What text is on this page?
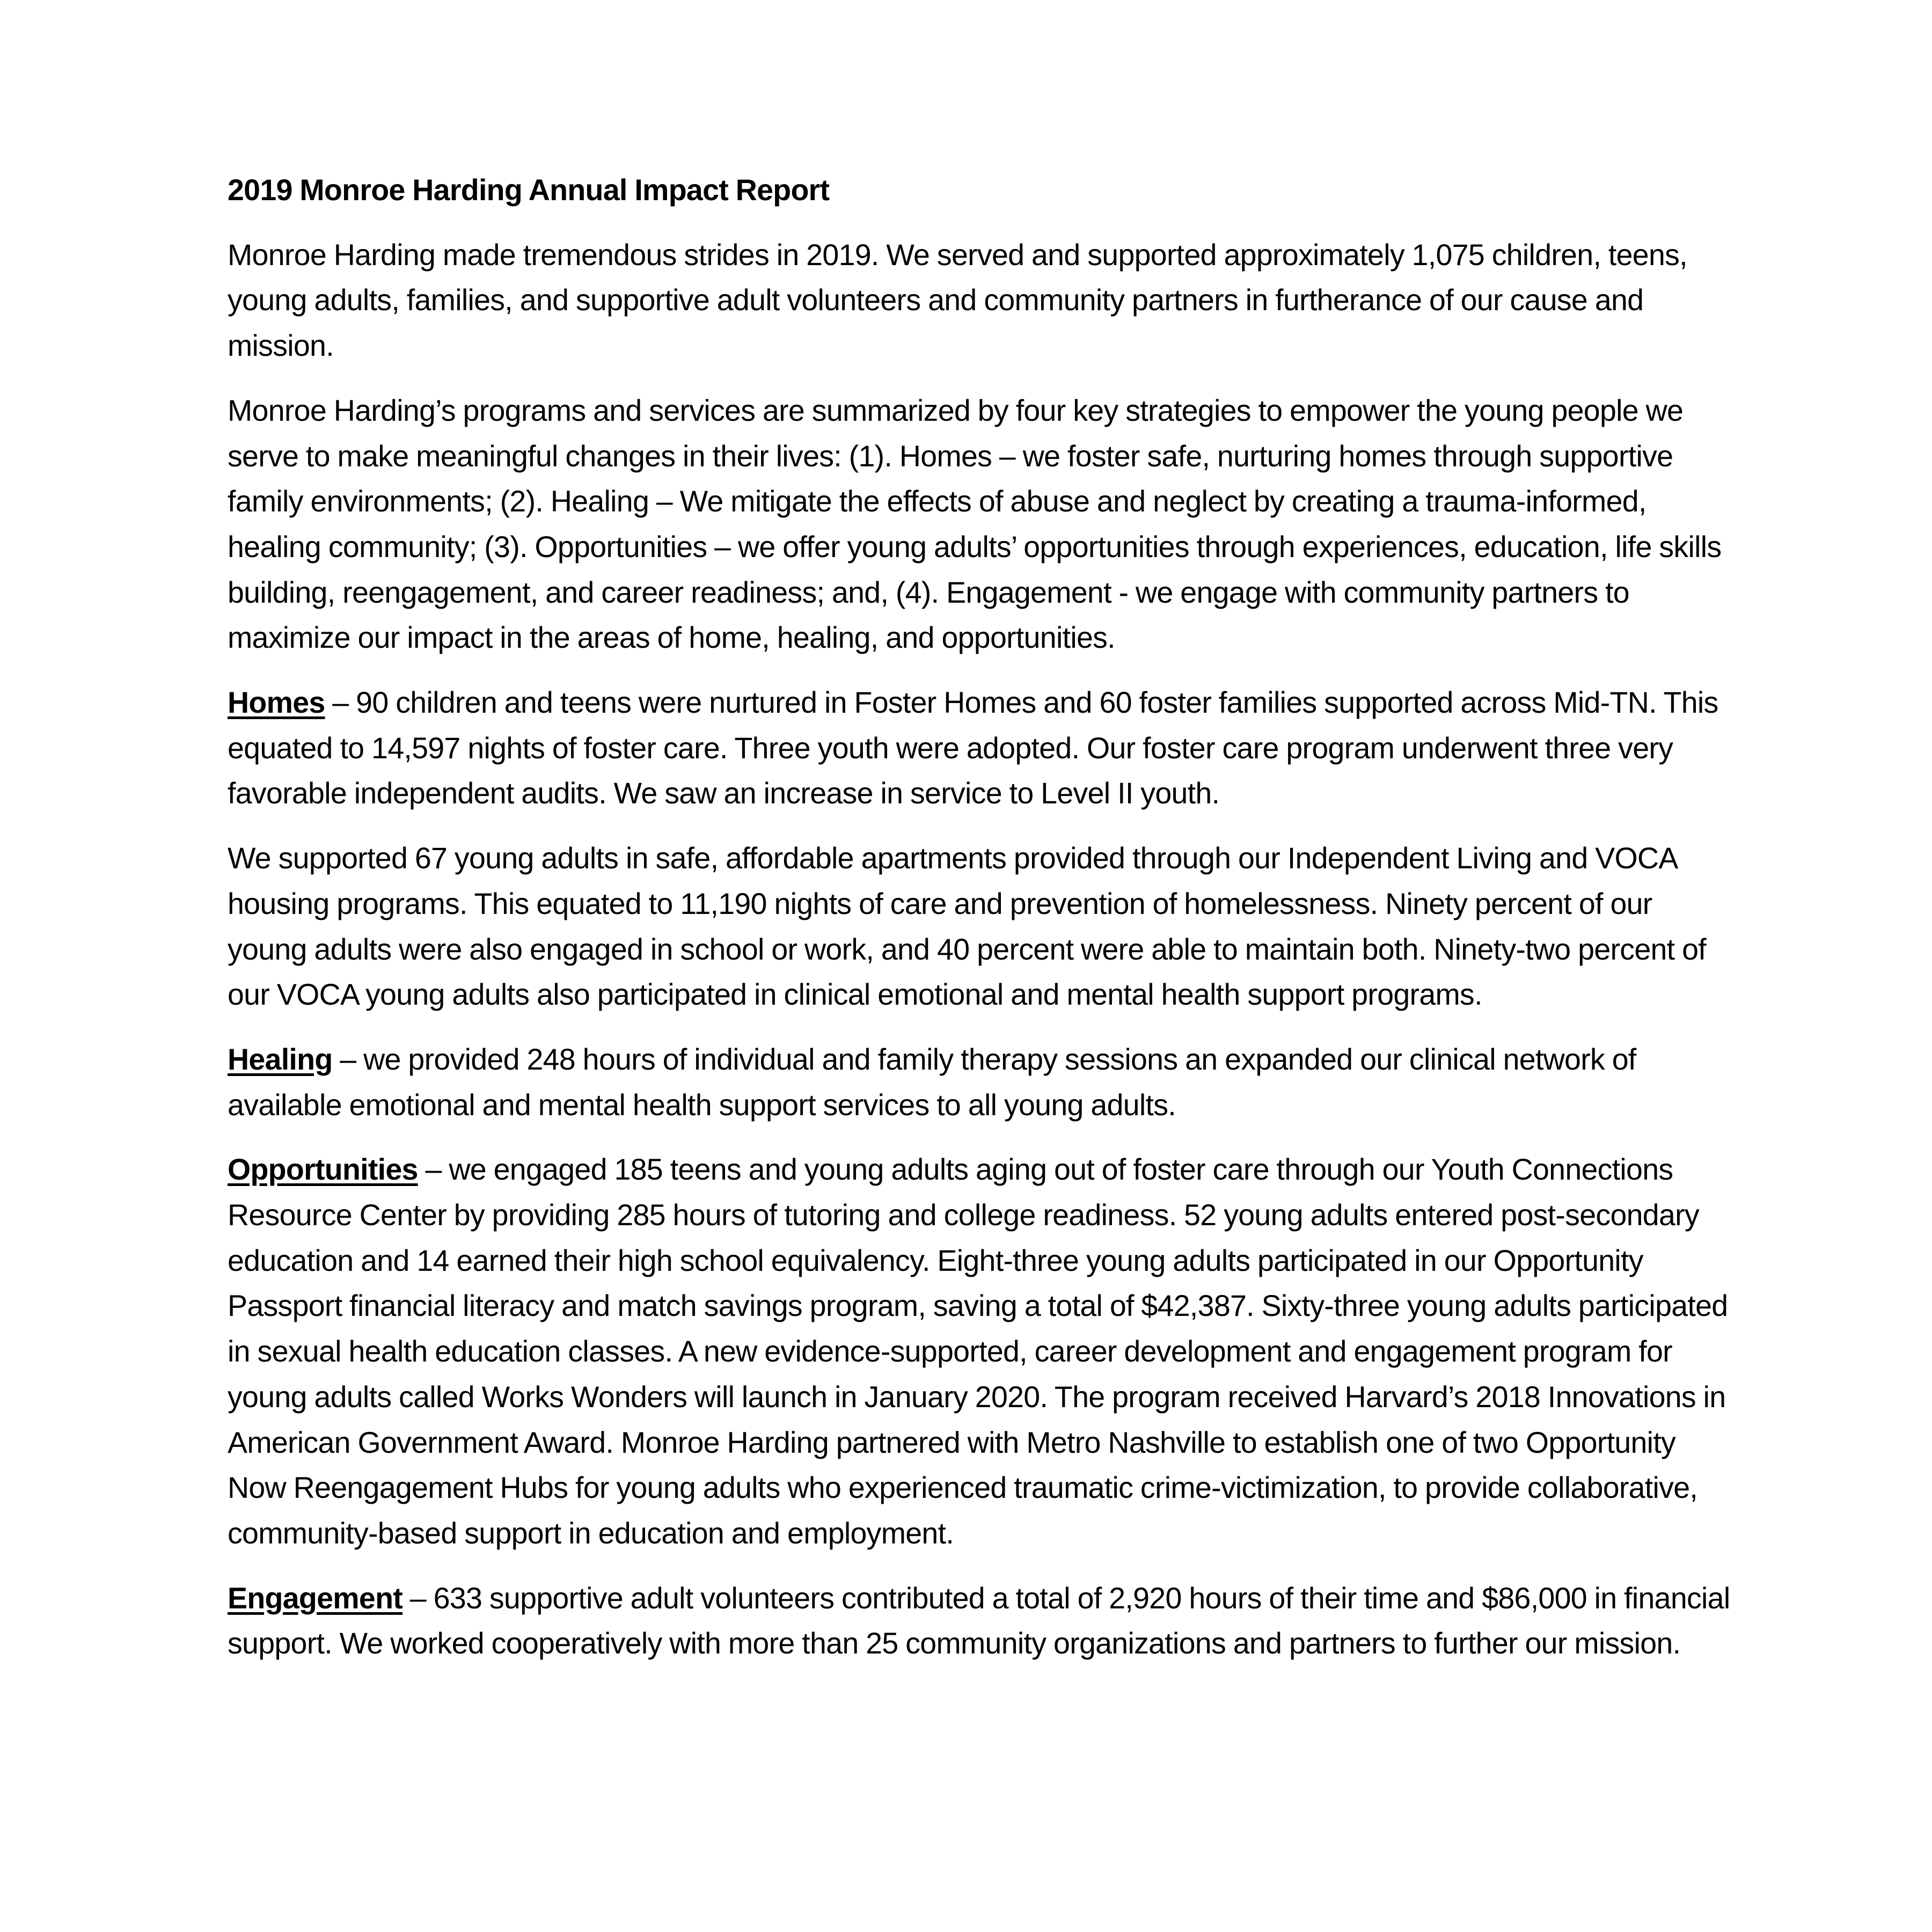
2019 Monroe Harding Annual Impact Report

Monroe Harding made tremendous strides in 2019. We served and supported approximately 1,075 children, teens, young adults, families, and supportive adult volunteers and community partners in furtherance of our cause and mission.

Monroe Harding’s programs and services are summarized by four key strategies to empower the young people we serve to make meaningful changes in their lives: (1). Homes – we foster safe, nurturing homes through supportive family environments; (2). Healing – We mitigate the effects of abuse and neglect by creating a trauma-informed, healing community; (3). Opportunities – we offer young adults’ opportunities through experiences, education, life skills building, reengagement, and career readiness; and, (4). Engagement - we engage with community partners to maximize our impact in the areas of home, healing, and opportunities.

Homes – 90 children and teens were nurtured in Foster Homes and 60 foster families supported across Mid-TN. This equated to 14,597 nights of foster care. Three youth were adopted. Our foster care program underwent three very favorable independent audits. We saw an increase in service to Level II youth.

We supported 67 young adults in safe, affordable apartments provided through our Independent Living and VOCA housing programs. This equated to 11,190 nights of care and prevention of homelessness. Ninety percent of our young adults were also engaged in school or work, and 40 percent were able to maintain both. Ninety-two percent of our VOCA young adults also participated in clinical emotional and mental health support programs.

Healing – we provided 248 hours of individual and family therapy sessions an expanded our clinical network of available emotional and mental health support services to all young adults.

Opportunities – we engaged 185 teens and young adults aging out of foster care through our Youth Connections Resource Center by providing 285 hours of tutoring and college readiness. 52 young adults entered post-secondary education and 14 earned their high school equivalency. Eight-three young adults participated in our Opportunity Passport financial literacy and match savings program, saving a total of $42,387. Sixty-three young adults participated in sexual health education classes. A new evidence-supported, career development and engagement program for young adults called Works Wonders will launch in January 2020. The program received Harvard’s 2018 Innovations in American Government Award. Monroe Harding partnered with Metro Nashville to establish one of two Opportunity Now Reengagement Hubs for young adults who experienced traumatic crime-victimization, to provide collaborative, community-based support in education and employment.

Engagement – 633 supportive adult volunteers contributed a total of 2,920 hours of their time and $86,000 in financial support. We worked cooperatively with more than 25 community organizations and partners to further our mission.
